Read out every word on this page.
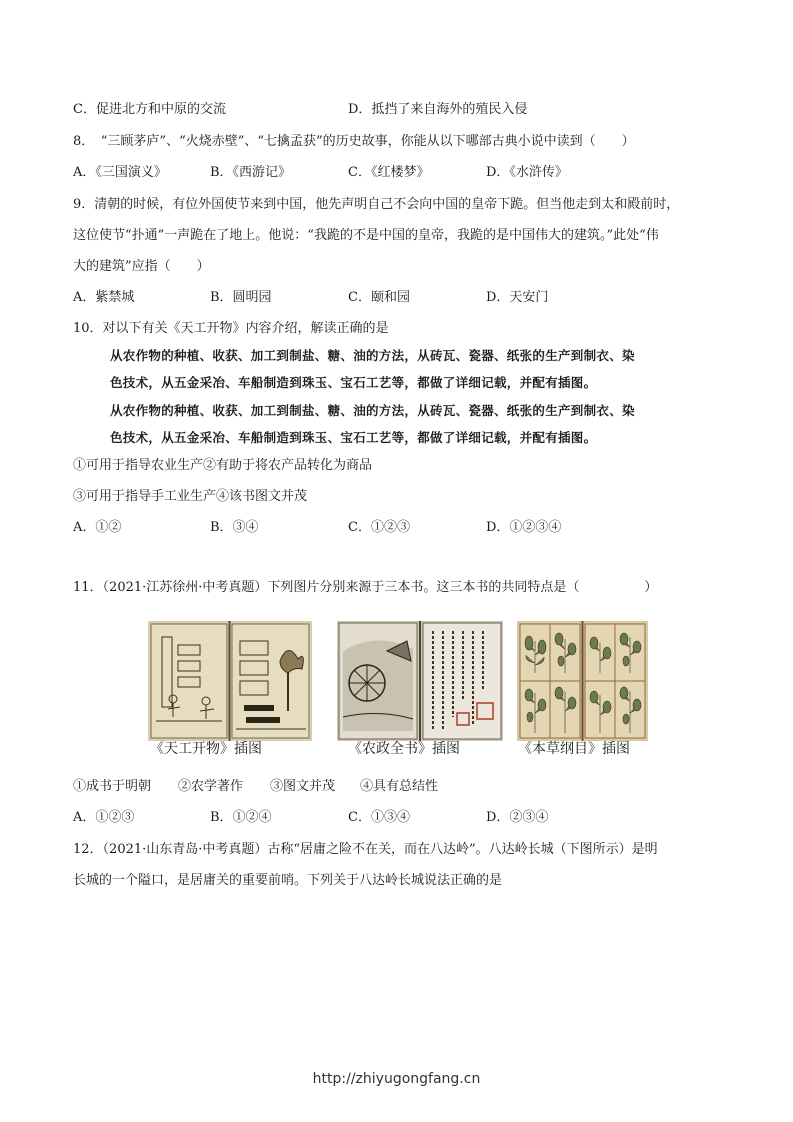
C．促进北方和中原的交流	D．抵挡了来自海外的殖民入侵
8．　“三顾茅庐”、“火烧赤壁”、“七擒孟获”的历史故事，你能从以下哪部古典小说中读到（　　）
A．《三国演义》	B．《西游记》	C．《红楼梦》	D．《水浒传》
9．清朝的时候，有位外国使节来到中国，他先声明自己不会向中国的皇帝下跪。但当他走到太和殿前时，
这位使节“扑通”一声跪在了地上。他说：“我跪的不是中国的皇帝，我跪的是中国伟大的建筑。”此处“伟
大的建筑”应指（　　）
A．紫禁城	B．圆明园	C．颐和园	D．天安门
10．对以下有关《天工开物》内容介绍，解读正确的是
从农作物的种植、收获、加工到制盐、糖、油的方法，从砖瓦、瓷器、纸张的生产到制衣、染
色技术，从五金采冶、车船制造到珠玉、宝石工艺等，都做了详细记载，并配有插图。
从农作物的种植、收获、加工到制盐、糖、油的方法，从砖瓦、瓷器、纸张的生产到制衣、染
色技术，从五金采冶、车船制造到珠玉、宝石工艺等，都做了详细记载，并配有插图。
①可用于指导农业生产②有助于将农产品转化为商品
③可用于指导手工业生产④该书图文并茂
A．①②	B．③④	C．①②③	D．①②③④
11．（2021·江苏徐州·中考真题）下列图片分别来源于三本书。这三本书的共同特点是（　　　　　）
《天工开物》插图	《农政全书》插图	《本草纲目》插图
①成书于明朝 ②农学著作 ③图文并茂 ④具有总结性
A．①②③	B．①②④	C．①③④	D．②③④
12．（2021·山东青岛·中考真题）古称“居庸之险不在关，而在八达岭”。八达岭长城（下图所示）是明
长城的一个隘口，是居庸关的重要前哨。下列关于八达岭长城说法正确的是
http://zhiyugongfang.cn
